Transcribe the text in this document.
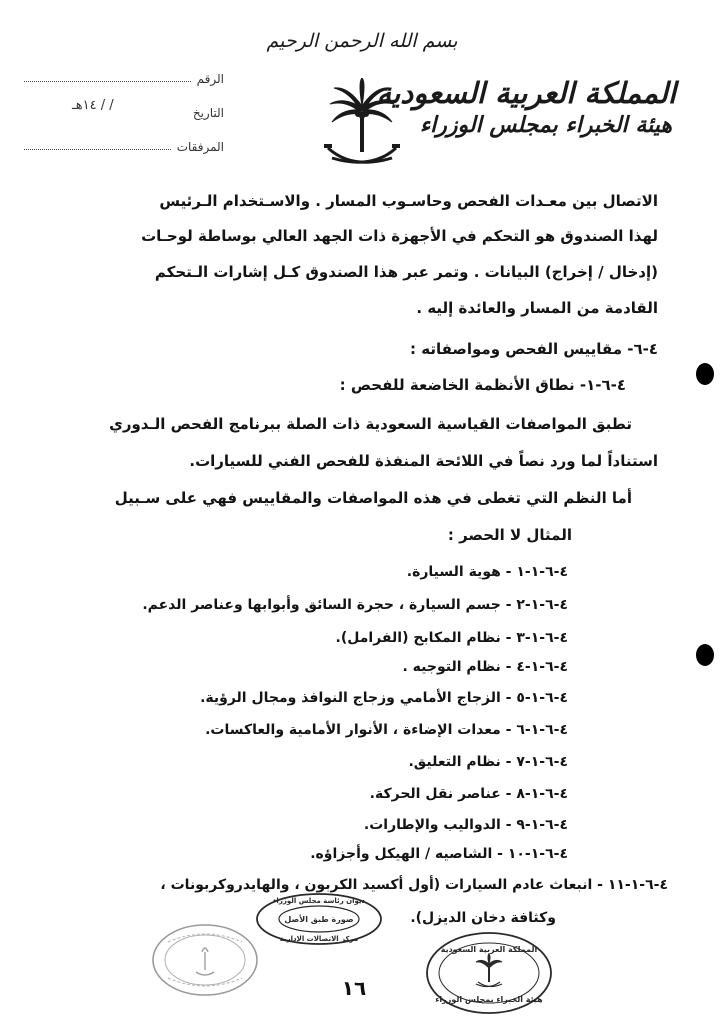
بسم الله الرحمن الرحيم
المملكة العربية السعودية
هيئة الخبراء بمجلس الوزراء
الرقم
التاريخ
/ / ١٤هـ
المرفقات
الاتصال بين معـدات الفحص وحاسـوب المسار . والاسـتخدام الـرئيس
لهذا الصندوق هو التحكم في الأجهزة ذات الجهد العالي بوساطة لوحـات
(إدخال / إخراج) البيانات . وتمر عبر هذا الصندوق كـل إشارات الـتحكم
القادمة من المسار والعائدة إليه .
٤-٦- مقاييس الفحص ومواصفاته :
٤-٦-١- نطاق الأنظمة الخاضعة للفحص :
تطبق المواصفات القياسية السعودية ذات الصلة ببرنامج الفحص الـدوري
استناداً لما ورد نصاً في اللائحة المنفذة للفحص الفني للسيارات.
أما النظم التي تغطى في هذه المواصفات والمقاييس فهي على سـبيل
المثال لا الحصر :
٤-٦-١-١ - هوية السيارة.
٤-٦-١-٢ - جسم السيارة ، حجرة السائق وأبوابها وعناصر الدعم.
٤-٦-١-٣ - نظام المكابح (الفرامل).
٤-٦-١-٤ - نظام التوجيه .
٤-٦-١-٥ - الزجاج الأمامي وزجاج النوافذ ومجال الرؤية.
٤-٦-١-٦ - معدات الإضاءة ، الأنوار الأمامية والعاكسات.
٤-٦-١-٧ - نظام التعليق.
٤-٦-١-٨ - عناصر نقل الحركة.
٤-٦-١-٩ - الدواليب والإطارات.
٤-٦-١-١٠ - الشاصيه / الهيكل وأجزاؤه.
٤-٦-١-١١ - انبعاث عادم السيارات (أول أكسيد الكربون ، والهايدروكربونات ،
وكثافة دخان الديزل).
ديوان رئاسة مجلس الوزراء
صورة طبق الأصل
مركز الاتصالات الإدارية
المملكة العربية السعودية
هيئة الخبراء بمجلس الوزراء
١٦
